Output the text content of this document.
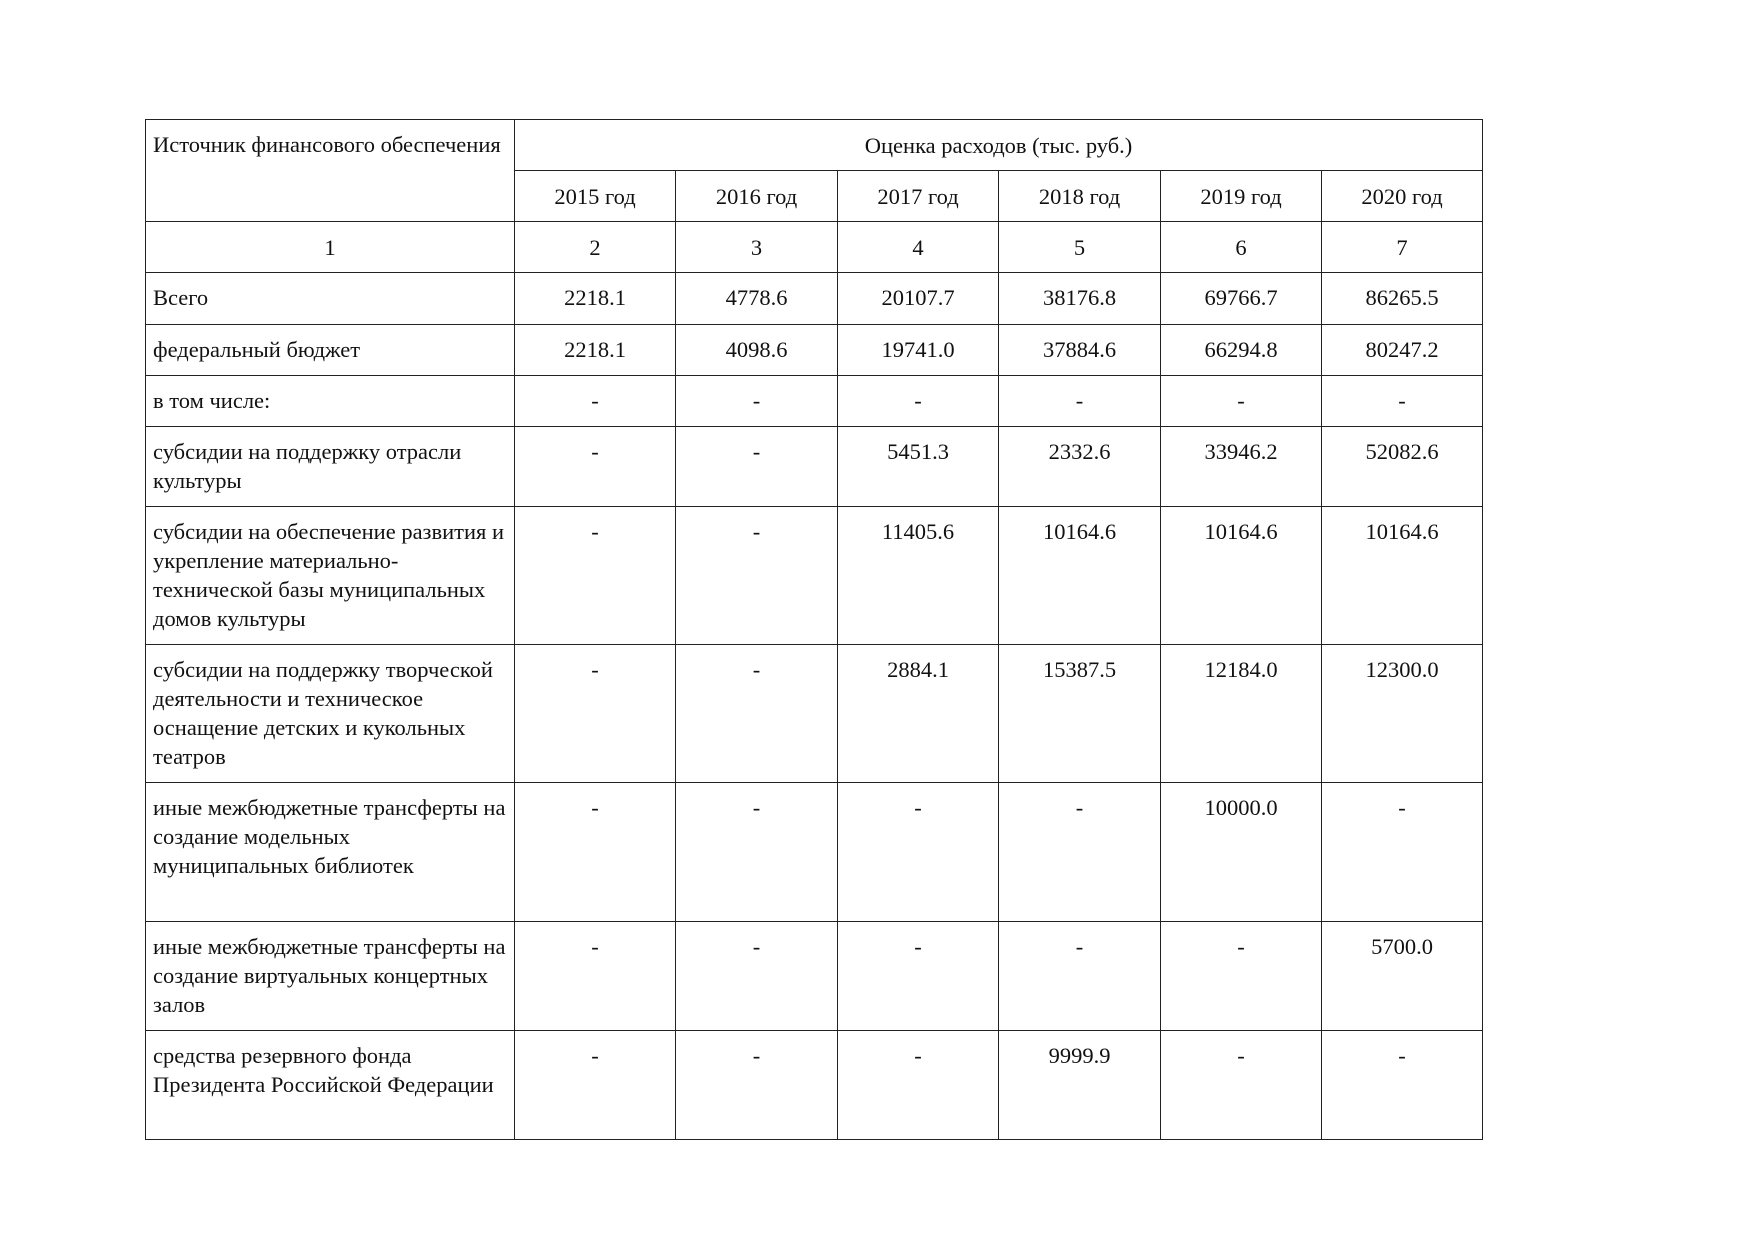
Источник финансового обеспечения	Оценка расходов (тыс. руб.)					
	2015 год	2016 год	2017 год	2018 год	2019 год	2020 год
1	2	3	4	5	6	7
Всего	2218.1	4778.6	20107.7	38176.8	69766.7	86265.5
федеральный бюджет	2218.1	4098.6	19741.0	37884.6	66294.8	80247.2
в том числе:	-	-	-	-	-	-
субсидии на поддержку отрасли культуры	-	-	5451.3	2332.6	33946.2	52082.6
субсидии на обеспечение развития и укрепление материально-технической базы муниципальных домов культуры	-	-	11405.6	10164.6	10164.6	10164.6
субсидии на поддержку творческой деятельности и техническое оснащение детских и кукольных театров	-	-	2884.1	15387.5	12184.0	12300.0
иные межбюджетные трансферты на создание модельных муниципальных библиотек	-	-	-	-	10000.0	-
иные межбюджетные трансферты на создание виртуальных концертных залов	-	-	-	-	-	5700.0
средства резервного фонда Президента Российской Федерации	-	-	-	9999.9	-	-
